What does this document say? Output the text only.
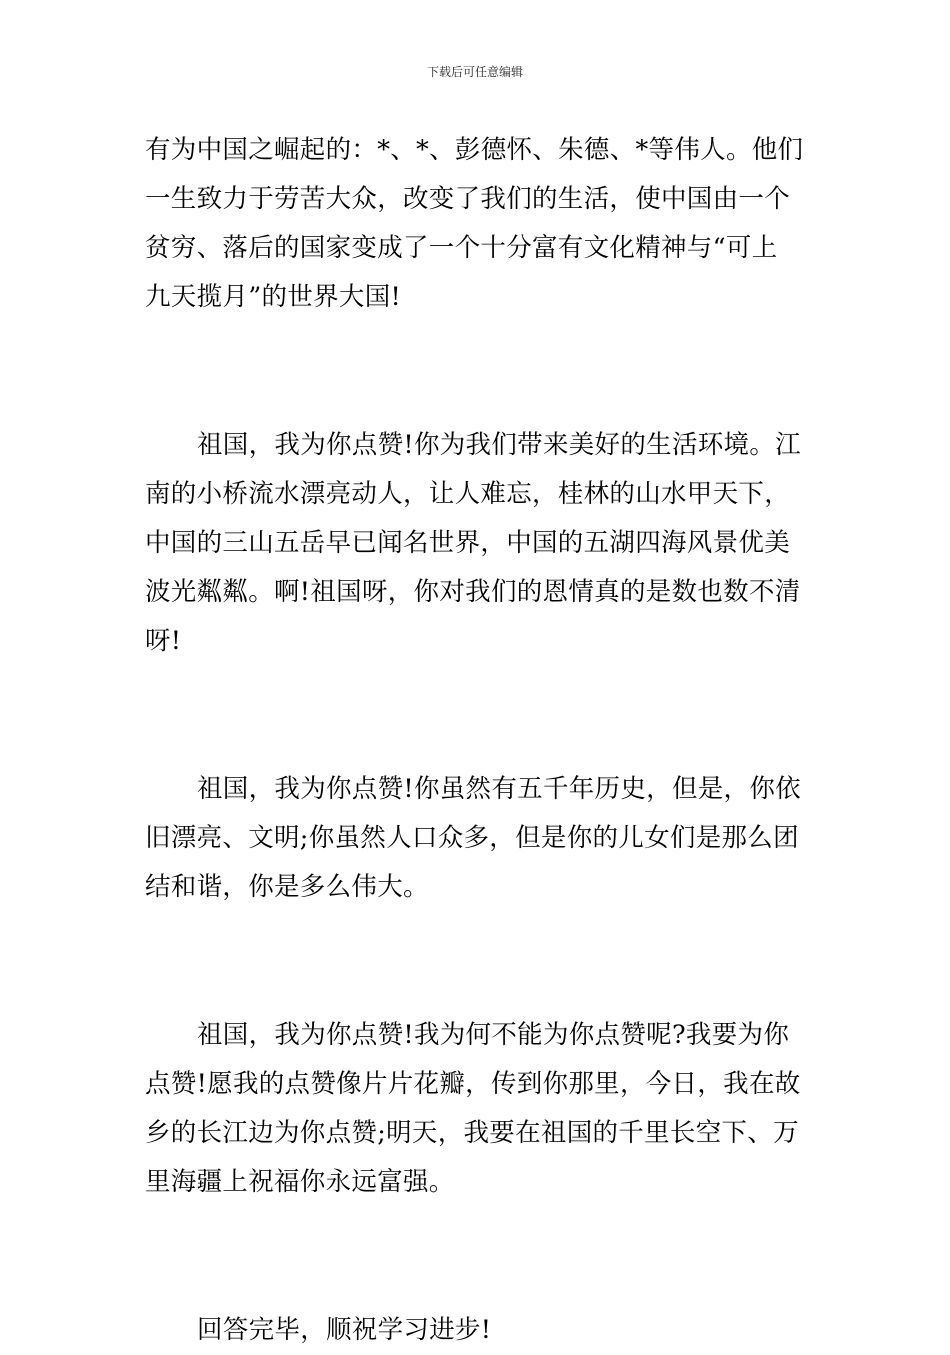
下载后可任意编辑
有为中国之崛起的：*、*、彭德怀、朱德、*等伟人。他们
一生致力于劳苦大众，改变了我们的生活，使中国由一个
贫穷、落后的国家变成了一个十分富有文化精神与“可上
九天揽月”的世界大国!
祖国，我为你点赞!你为我们带来美好的生活环境。江
南的小桥流水漂亮动人，让人难忘，桂林的山水甲天下，
中国的三山五岳早已闻名世界，中国的五湖四海风景优美
波光粼粼。啊!祖国呀，你对我们的恩情真的是数也数不清
呀!
祖国，我为你点赞!你虽然有五千年历史，但是，你依
旧漂亮、文明;你虽然人口众多，但是你的儿女们是那么团
结和谐，你是多么伟大。
祖国，我为你点赞!我为何不能为你点赞呢?我要为你
点赞!愿我的点赞像片片花瓣，传到你那里，今日，我在故
乡的长江边为你点赞;明天，我要在祖国的千里长空下、万
里海疆上祝福你永远富强。
回答完毕，顺祝学习进步!
